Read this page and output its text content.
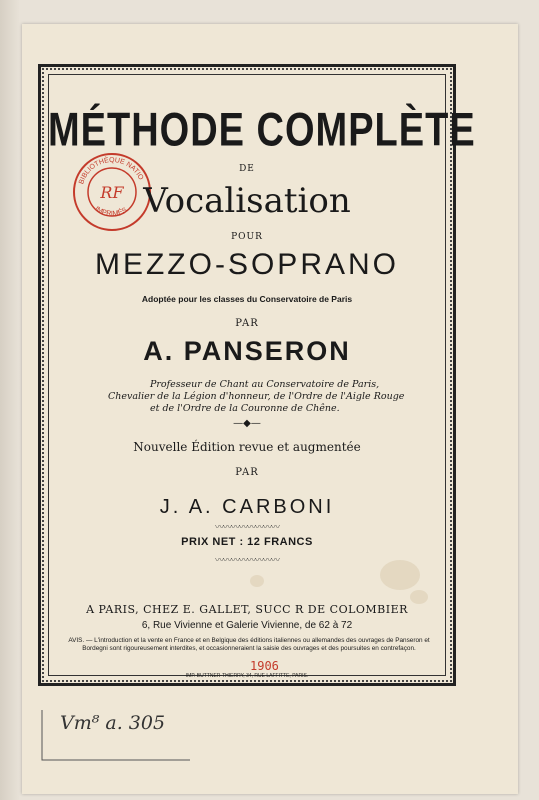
RF
BIBLIOTHÈQUE NATIO
IMPRIMÉS
MÉTHODE COMPLÈTE
DE
Vocalisation
POUR
MEZZO-SOPRANO
Adoptée pour les classes du Conservatoire de Paris
PAR
A. PANSERON
Professeur de Chant au Conservatoire de Paris,
Chevalier de la Légion d'honneur, de l'Ordre de l'Aigle Rouge
et de l'Ordre de la Couronne de Chêne.
—◆—
Nouvelle Édition revue et augmentée
PAR
J. A. CARBONI
〰〰〰〰〰〰〰〰
PRIX NET : 12 FRANCS
〰〰〰〰〰〰〰〰
A PARIS, CHEZ E. GALLET, SUCC R DE COLOMBIER
6, Rue Vivienne et Galerie Vivienne, de 62 à 72
AVIS. — L'introduction et la vente en France et en Belgique des éditions italiennes ou allemandes des ouvrages de Panseron et Bordegni sont rigoureusement interdites, et occasionneraient la saisie des ouvrages et des poursuites en contrefaçon.
1906
IMP. BUTTNER-THIERRY, 34, RUE LAFFITTE, PARIS.
Vm⁸ a. 305
